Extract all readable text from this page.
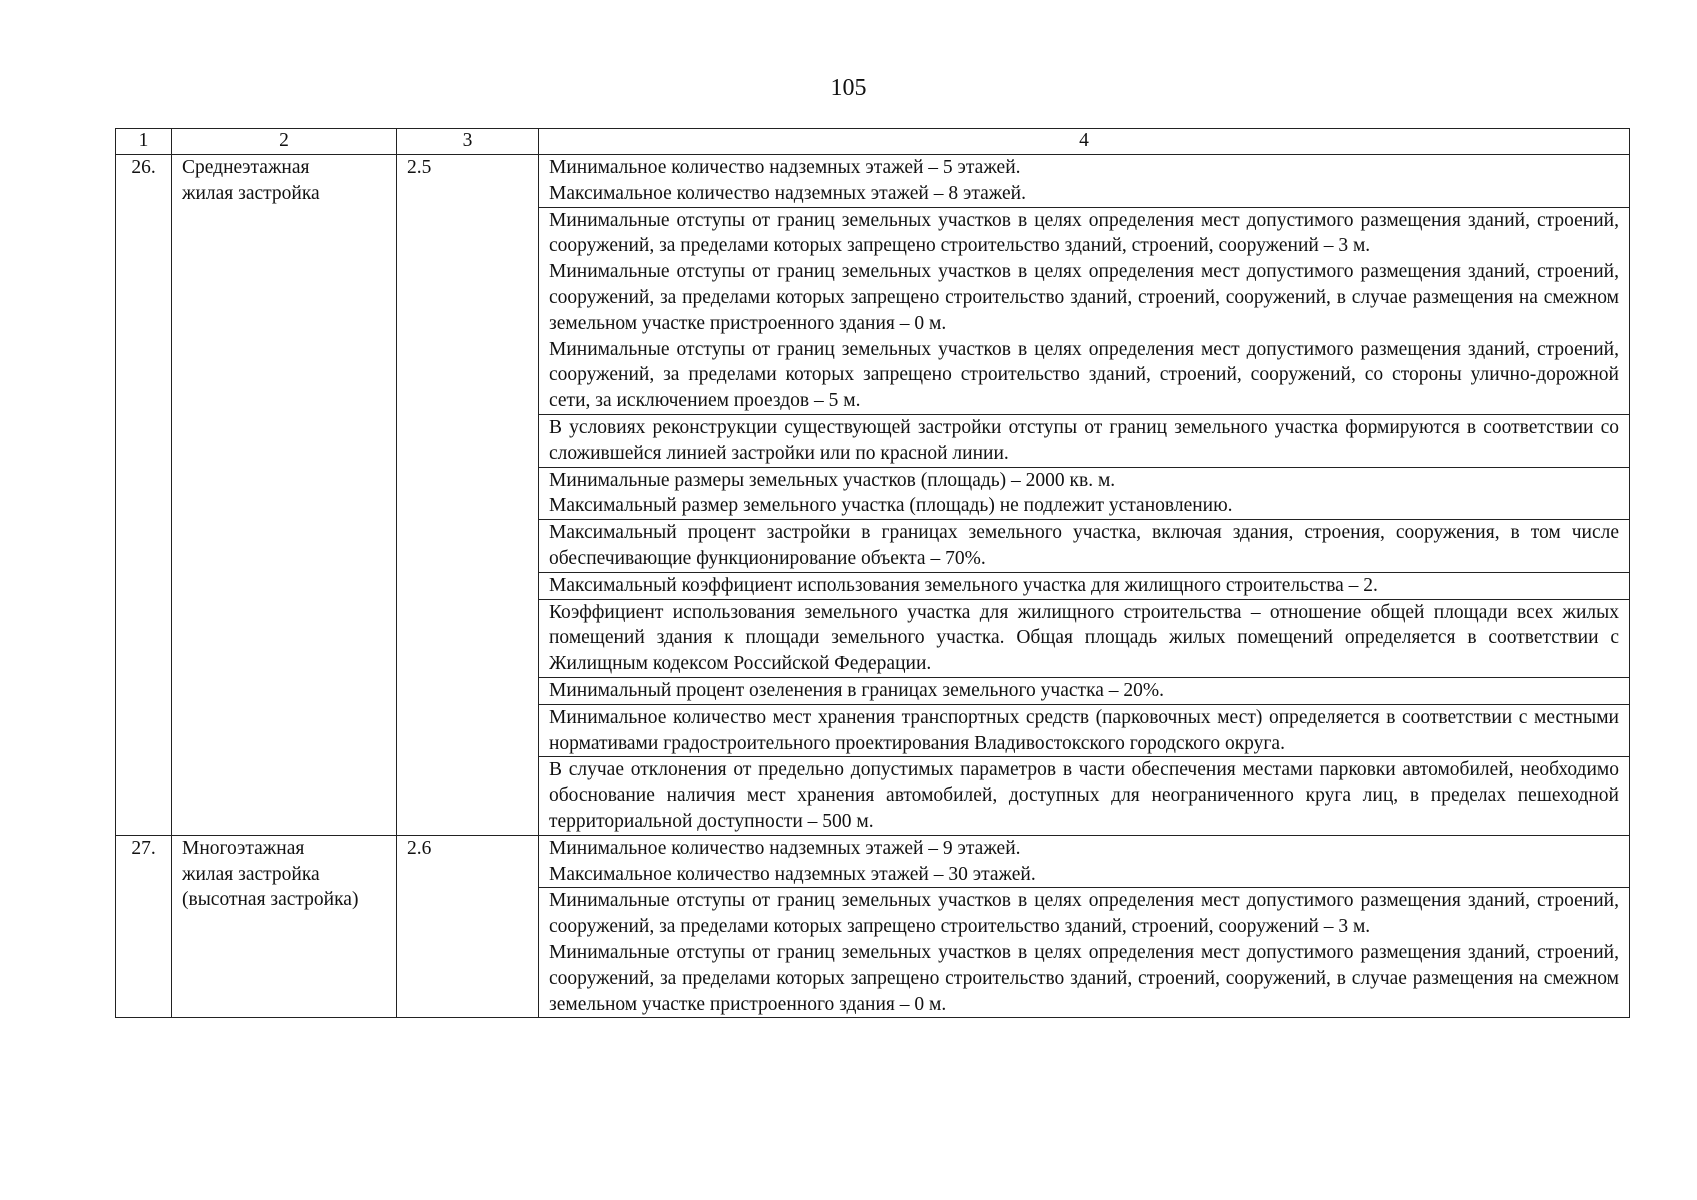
105
1	2	3	4

26.	Среднеэтажная
жилая застройка	2.5	Минимальное количество надземных этажей – 5 этажей.
Максимальное количество надземных этажей – 8 этажей.

			Минимальные отступы от границ земельных участков в целях определения мест допустимого размещения зданий, строений, сооружений, за пределами которых запрещено строительство зданий, строений, сооружений – 3 м.
Минимальные отступы от границ земельных участков в целях определения мест допустимого размещения зданий, строений, сооружений, за пределами которых запрещено строительство зданий, строений, сооружений, в случае размещения на смежном земельном участке пристроенного здания – 0 м.
Минимальные отступы от границ земельных участков в целях определения мест допустимого размещения зданий, строений, сооружений, за пределами которых запрещено строительство зданий, строений, сооружений, со стороны улично-дорожной сети, за исключением проездов – 5 м.

			В условиях реконструкции существующей застройки отступы от границ земельного участка формируются в соответствии со сложившейся линией застройки или по красной линии.

			Минимальные размеры земельных участков (площадь) – 2000 кв. м.
Максимальный размер земельного участка (площадь) не подлежит установлению.

			Максимальный процент застройки в границах земельного участка, включая здания, строения, сооружения, в том числе обеспечивающие функционирование объекта – 70%.

			Максимальный коэффициент использования земельного участка для жилищного строительства – 2.

			Коэффициент использования земельного участка для жилищного строительства – отношение общей площади всех жилых помещений здания к площади земельного участка. Общая площадь жилых помещений определяется в соответствии с Жилищным кодексом Российской Федерации.

			Минимальный процент озеленения в границах земельного участка – 20%.

			Минимальное количество мест хранения транспортных средств (парковочных мест) определяется в соответствии с местными нормативами градостроительного проектирования Владивостокского городского округа.

			В случае отклонения от предельно допустимых параметров в части обеспечения местами парковки автомобилей, необходимо обоснование наличия мест хранения автомобилей, доступных для неограниченного круга лиц, в пределах пешеходной территориальной доступности – 500 м.

27.	Многоэтажная
жилая застройка
(высотная застройка)	2.6	Минимальное количество надземных этажей – 9 этажей.
Максимальное количество надземных этажей – 30 этажей.

			Минимальные отступы от границ земельных участков в целях определения мест допустимого размещения зданий, строений, сооружений, за пределами которых запрещено строительство зданий, строений, сооружений – 3 м.
Минимальные отступы от границ земельных участков в целях определения мест допустимого размещения зданий, строений, сооружений, за пределами которых запрещено строительство зданий, строений, сооружений, в случае размещения на смежном земельном участке пристроенного здания – 0 м.
